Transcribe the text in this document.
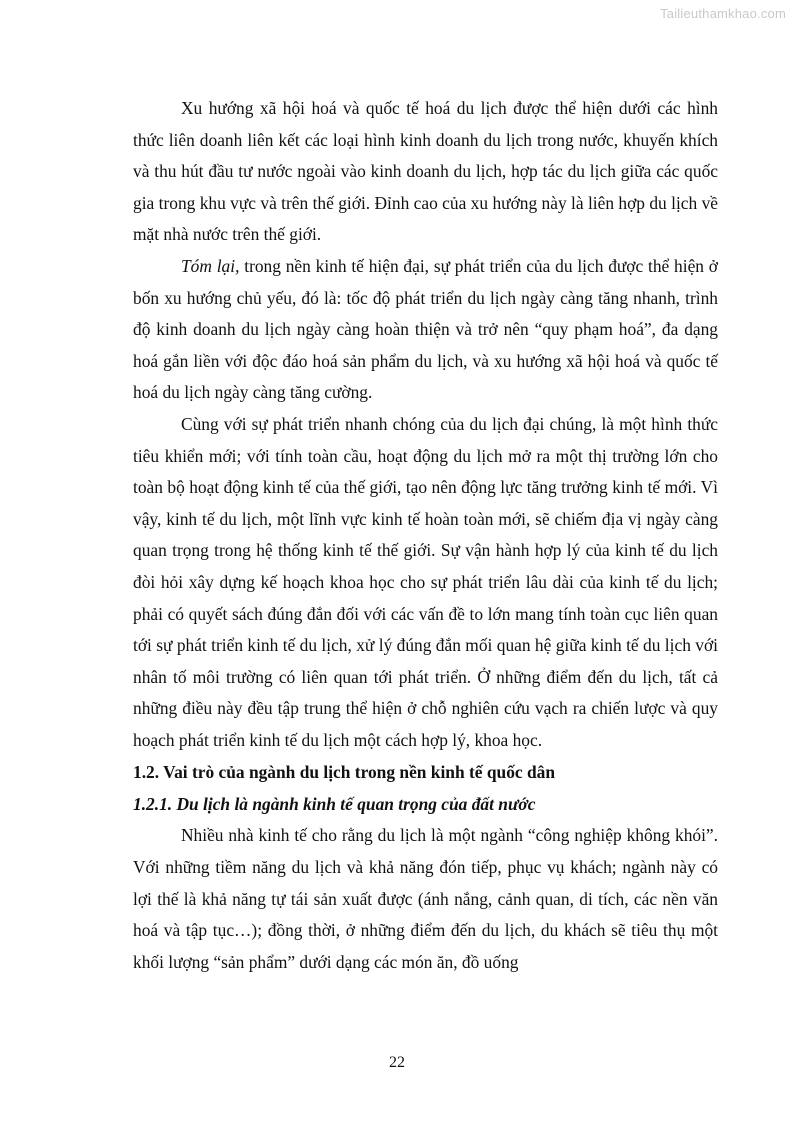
Tailieuthamkhao.com

Xu hướng xã hội hoá và quốc tế hoá du lịch được thể hiện dưới các hình thức liên doanh liên kết các loại hình kinh doanh du lịch trong nước, khuyến khích và thu hút đầu tư nước ngoài vào kinh doanh du lịch, hợp tác du lịch giữa các quốc gia trong khu vực và trên thế giới. Đỉnh cao của xu hướng này là liên hợp du lịch về mặt nhà nước trên thế giới.

Tóm lại, trong nền kinh tế hiện đại, sự phát triển của du lịch được thể hiện ở bốn xu hướng chủ yếu, đó là: tốc độ phát triển du lịch ngày càng tăng nhanh, trình độ kinh doanh du lịch ngày càng hoàn thiện và trở nên “quy phạm hoá”, đa dạng hoá gắn liền với độc đáo hoá sản phẩm du lịch, và xu hướng xã hội hoá và quốc tế hoá du lịch ngày càng tăng cường.

Cùng với sự phát triển nhanh chóng của du lịch đại chúng, là một hình thức tiêu khiển mới; với tính toàn cầu, hoạt động du lịch mở ra một thị trường lớn cho toàn bộ hoạt động kinh tế của thế giới, tạo nên động lực tăng trưởng kinh tế mới. Vì vậy, kinh tế du lịch, một lĩnh vực kinh tế hoàn toàn mới, sẽ chiếm địa vị ngày càng quan trọng trong hệ thống kinh tế thế giới. Sự vận hành hợp lý của kinh tế du lịch đòi hỏi xây dựng kế hoạch khoa học cho sự phát triển lâu dài của kinh tế du lịch; phải có quyết sách đúng đắn đối với các vấn đề to lớn mang tính toàn cục liên quan tới sự phát triển kinh tế du lịch, xử lý đúng đắn mối quan hệ giữa kinh tế du lịch với nhân tố môi trường có liên quan tới phát triển. Ở những điểm đến du lịch, tất cả những điều này đều tập trung thể hiện ở chỗ nghiên cứu vạch ra chiến lược và quy hoạch phát triển kinh tế du lịch một cách hợp lý, khoa học.

1.2. Vai trò của ngành du lịch trong nền kinh tế quốc dân
1.2.1. Du lịch là ngành kinh tế quan trọng của đất nước

Nhiều nhà kinh tế cho rằng du lịch là một ngành “công nghiệp không khói”. Với những tiềm năng du lịch và khả năng đón tiếp, phục vụ khách; ngành này có lợi thế là khả năng tự tái sản xuất được (ánh nắng, cảnh quan, di tích, các nền văn hoá và tập tục…); đồng thời, ở những điểm đến du lịch, du khách sẽ tiêu thụ một khối lượng “sản phẩm” dưới dạng các món ăn, đồ uống

22
